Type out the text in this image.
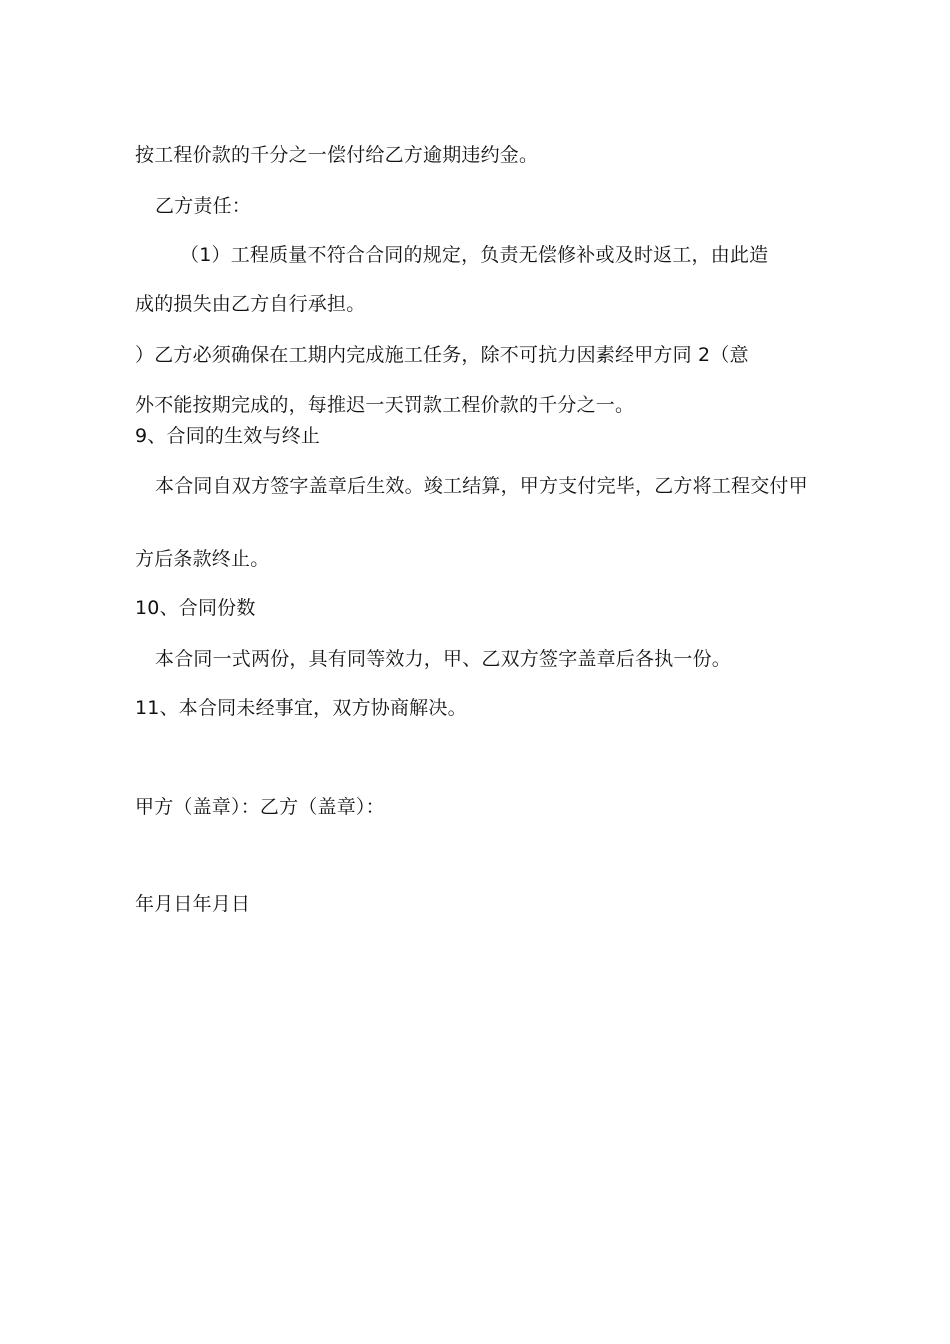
按工程价款的千分之一偿付给乙方逾期违约金。
乙方责任：
（1）工程质量不符合合同的规定，负责无偿修补或及时返工，由此造
成的损失由乙方自行承担。
）乙方必须确保在工期内完成施工任务，除不可抗力因素经甲方同 2（意
外不能按期完成的，每推迟一天罚款工程价款的千分之一。
9、合同的生效与终止
本合同自双方签字盖章后生效。竣工结算，甲方支付完毕，乙方将工程交付甲
方后条款终止。
10、合同份数
本合同一式两份，具有同等效力，甲、乙双方签字盖章后各执一份。
11、本合同未经事宜，双方协商解决。
甲方（盖章）：乙方（盖章）：
年月日年月日
